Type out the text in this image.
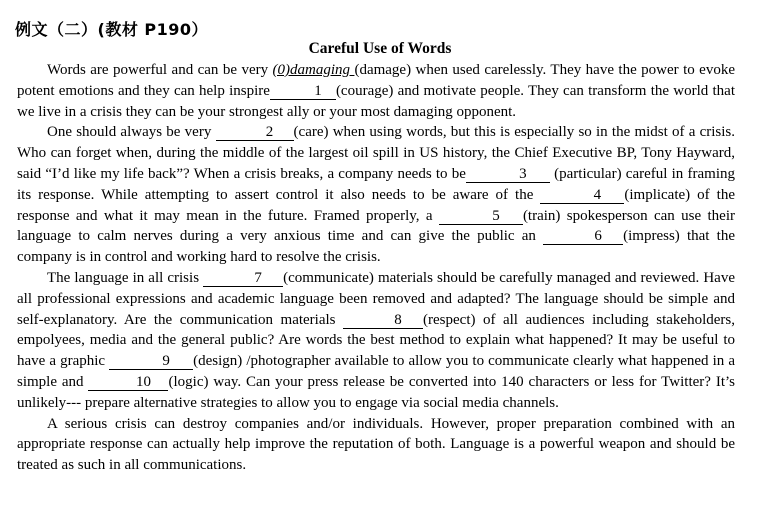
例文（二）(教材 P190）
Careful Use of Words

Words are powerful and can be very (0)damaging (damage) when used carelessly. They have the power to evoke potent emotions and they can help inspire	1 (courage) and motivate people. They can transform the world that we live in a crisis they can be your strongest ally or your most damaging opponent.

One should always be very	2 (care) when using words, but this is especially so in the midst of a crisis. Who can forget when, during the middle of the largest oil spill in US history, the Chief Executive BP, Tony Hayward, said “I’d like my life back”? When a crisis breaks, a company needs to be	3 (particular) careful in framing its response. While attempting to assert control it also needs to be aware of the	4 (implicate) of the response and what it may mean in the future. Framed properly, a	5 (train) spokesperson can use their language to calm nerves during a very anxious time and can give the public an	6 (impress) that the company is in control and working hard to resolve the crisis.

The language in all crisis	7 (communicate) materials should be carefully managed and reviewed. Have all professional expressions and academic language been removed and adapted? The language should be simple and self-explanatory. Are the communication materials	8 (respect) of all audiences including stakeholders, empolyees, media and the general public? Are words the best method to explain what happened? It may be useful to have a graphic	9 (design) /photographer available to allow you to communicate clearly what happened in a simple and	10 (logic) way. Can your press release be converted into 140 characters or less for Twitter? It’s unlikely--- prepare alternative strategies to allow you to engage via social media channels.

A serious crisis can destroy companies and/or individuals. However, proper preparation combined with an appropriate response can actually help improve the reputation of both. Language is a powerful weapon and should be treated as such in all communications.
